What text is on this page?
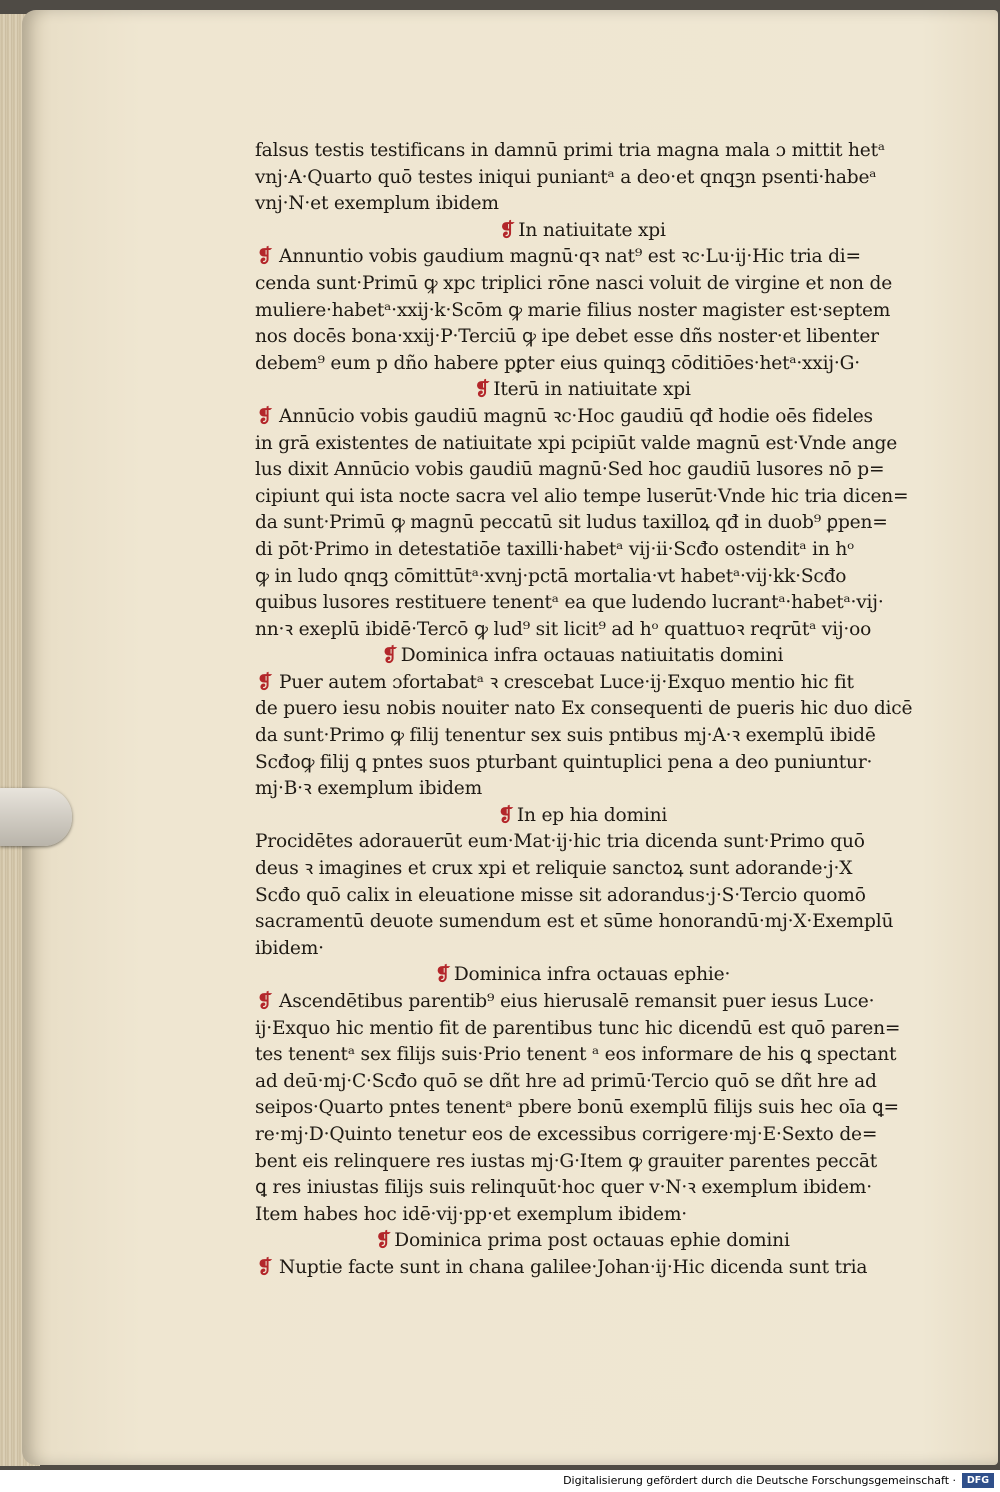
falsus testis testificans in damnū primi tria magna mala ɔ mittit hetᵃ
vnj·A·Quarto quō testes iniqui puniantᵃ a deo·et qnqꝫn psenti·habeᵃ
vnj·N·et exemplum ibidem
❡ In natiuitate xpi
❡ Annuntio vobis gaudium magnū·qꝛ nat⁹ est ꝛc·Lu·ij·Hic tria di=
cenda sunt·Primū ꝙ xpc triplici rōne nasci voluit de virgine et non de
muliere·habetᵃ·xxij·k·Scōm ꝙ marie filius noster magister est·septem
nos docēs bona·xxij·P·Terciū ꝙ ipe debet esse dñs noster·et libenter
debem⁹ eum p dño habere pꝑter eius quinqꝫ cōditiōes·hetᵃ·xxij·G·
❡ Iterū in natiuitate xpi
❡ Annūcio vobis gaudiū magnū ꝛc·Hoc gaudiū qđ hodie oēs fideles
in grā existentes de natiuitate xpi pcipiūt valde magnū est·Vnde ange
lus dixit Annūcio vobis gaudiū magnū·Sed hoc gaudiū lusores nō p=
cipiunt qui ista nocte sacra vel alio tempe luserūt·Vnde hic tria dicen=
da sunt·Primū ꝙ magnū peccatū sit ludus taxilloꝝ qđ in duob⁹ ꝑpen=
di pōt·Primo in detestatiōe taxilli·habetᵃ vij·ii·Scđo ostenditᵃ in hᵒ
ꝙ in ludo qnqꝫ cōmittūtᵃ·xvnj·pctā mortalia·vt habetᵃ·vij·kk·Scđo
quibus lusores restituere tenentᵃ ea que ludendo lucrantᵃ·habetᵃ·vij·
nn·ꝛ exeplū ibidē·Tercō ꝙ lud⁹ sit licit⁹ ad hᵒ quattuoꝛ reqrūtᵃ vij·oo
❡ Dominica infra octauas natiuitatis domini
❡ Puer autem ɔfortabatᵃ ꝛ crescebat Luce·ij·Exquo mentio hic fit
de puero iesu nobis nouiter nato Ex consequenti de pueris hic duo dicē
da sunt·Primo ꝙ filij tenentur sex suis pntibus mj·A·ꝛ exemplū ibidē
Scđoꝙ filij ꝗ pntes suos pturbant quintuplici pena a deo puniuntur·
mj·B·ꝛ exemplum ibidem
❡ In ep hia domini
Procidētes adorauerūt eum·Mat·ij·hic tria dicenda sunt·Primo quō
deus ꝛ imagines et crux xpi et reliquie sanctoꝝ sunt adorande·j·X
Scđo quō calix in eleuatione misse sit adorandus·j·S·Tercio quomō
sacramentū deuote sumendum est et sūme honorandū·mj·X·Exemplū
ibidem·
❡ Dominica infra octauas ephie·
❡ Ascendētibus parentib⁹ eius hierusalē remansit puer iesus Luce·
ij·Exquo hic mentio fit de parentibus tunc hic dicendū est quō paren=
tes tenentᵃ sex filijs suis·Prio tenent ᵃ eos informare de his ꝗ spectant
ad deū·mj·C·Scđo quō se dñt hre ad primū·Tercio quō se dñt hre ad
seipos·Quarto pntes tenentᵃ pbere bonū exemplū filijs suis hec oīa ꝗ=
re·mj·D·Quinto tenetur eos de excessibus corrigere·mj·E·Sexto de=
bent eis relinquere res iustas mj·G·Item ꝙ grauiter parentes peccāt
ꝗ res iniustas filijs suis relinquūt·hoc quer v·N·ꝛ exemplum ibidem·
Item habes hoc idē·vij·pp·et exemplum ibidem·
❡ Dominica prima post octauas ephie domini
❡ Nuptie facte sunt in chana galilee·Johan·ij·Hic dicenda sunt tria
Digitalisierung gefördert durch die Deutsche Forschungsgemeinschaft ·	DFG
